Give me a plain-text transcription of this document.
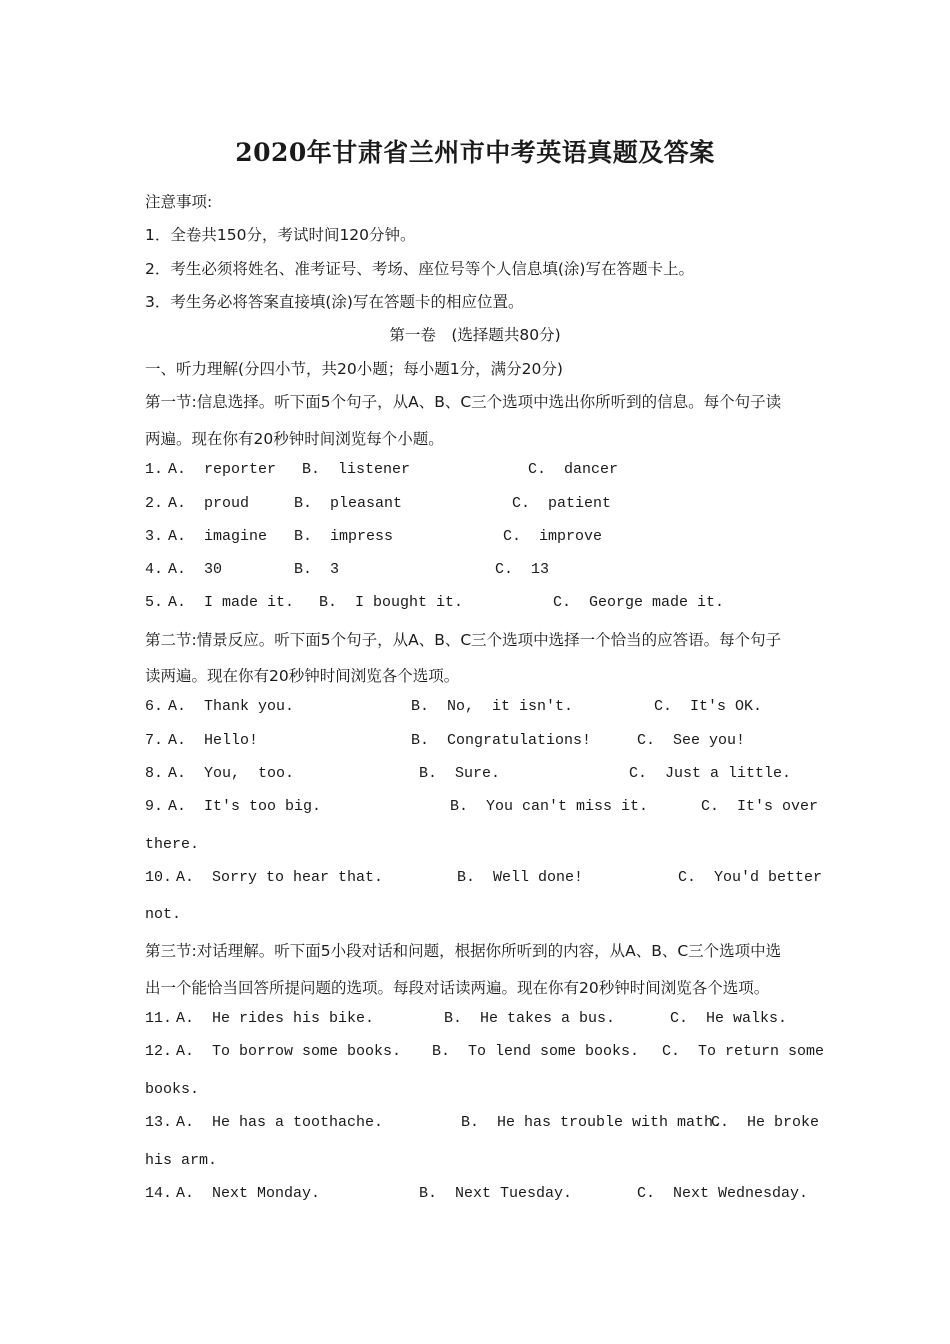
2020年甘肃省兰州市中考英语真题及答案
注意事项:
1．全卷共150分，考试时间120分钟。
2．考生必须将姓名、准考证号、考场、座位号等个人信息填(涂)写在答题卡上。
3．考生务必将答案直接填(涂)写在答题卡的相应位置。
第一卷　(选择题共80分)
一、听力理解(分四小节，共20小题；每小题1分，满分20分)
第一节:信息选择。听下面5个句子，从A、B、C三个选项中选出你所听到的信息。每个句子读
两遍。现在你有20秒钟时间浏览每个小题。
1. A.  reporter B.  listener	C.  dancer
2. A.  proud	B.  pleasant	C.  patient
3. A.  imagine B.  impress	C.  improve
4. A.  30	B.  3	C.  13
5. A.  I made it. B.  I bought it.	C.  George made it.
第二节:情景反应。听下面5个句子，从A、B、C三个选项中选择一个恰当的应答语。每个句子
读两遍。现在你有20秒钟时间浏览各个选项。
6. A.  Thank you.	B.  No,  it isn't.	C.  It's OK.
7. A.  Hello!	B.  Congratulations!	C.  See you!
8. A.  You,  too.	B.  Sure.	C.  Just a little.
9. A.  It's too big.	B.  You can't miss it.	C.  It's over
there.
10. A.  Sorry to hear that.	B.  Well done!	C.  You'd better
not.
第三节:对话理解。听下面5小段对话和问题，根据你所听到的内容，从A、B、C三个选项中选
出一个能恰当回答所提问题的选项。每段对话读两遍。现在你有20秒钟时间浏览各个选项。
11. A.  He rides his bike.	B.  He takes a bus.	C.  He walks.
12. A.  To borrow some books. B.  To lend some books. C.  To return some
books.
13. A.  He has a toothache.	B.  He has trouble with math.
C.  He broke
his arm.
14. A.  Next Monday.	B.  Next Tuesday.	C.  Next Wednesday.
